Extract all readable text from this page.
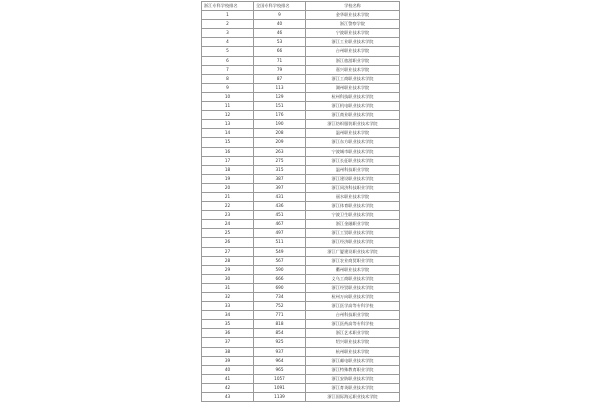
浙江专科学校排名	全国专科学校排名	学校名称
1	9	金华职业技术学院
2	40	浙江警察学院
3	46	宁波职业技术学院
4	53	浙江工业职业技术学院
5	66	台州职业技术学院
6	71	浙江旅游职业学院
7	79	嘉兴职业技术学院
8	87	浙江工商职业技术学院
9	113	湖州职业技术学院
10	129	杭州科技职业技术学院
11	151	浙江机电职业技术学院
12	176	浙江商业职业技术学院
13	190	浙江纺织服装职业技术学院
14	208	温州职业技术学院
15	209	浙江东方职业技术学院
16	263	宁波城市职业技术学院
17	275	浙江长征职业技术学院
18	315	温州科技职业学院
19	387	浙江建设职业技术学院
20	397	浙江同济科技职业学院
21	431	丽水职业技术学院
22	436	浙江体育职业技术学院
23	451	宁波卫生职业技术学院
24	467	浙江金融职业学院
25	497	浙江工贸职业技术学院
26	511	浙江经济职业技术学院
27	549	浙江广厦建设职业技术学院
28	567	浙江农业商贸职业学院
29	590	衢州职业技术学院
30	666	义乌工商职业技术学院
31	690	浙江经贸职业技术学院
32	734	杭州万向职业技术学院
33	752	浙江医学高等专科学校
34	771	台州科技职业学院
35	818	浙江医药高等专科学校
36	854	浙江艺术职业学院
37	925	绍兴职业技术学院
38	937	杭州职业技术学院
39	964	浙江邮电职业技术学院
40	965	浙江特殊教育职业学院
41	1057	浙江安防职业技术学院
42	1091	浙江育英职业技术学院
43	1139	浙江国际海运职业技术学院
